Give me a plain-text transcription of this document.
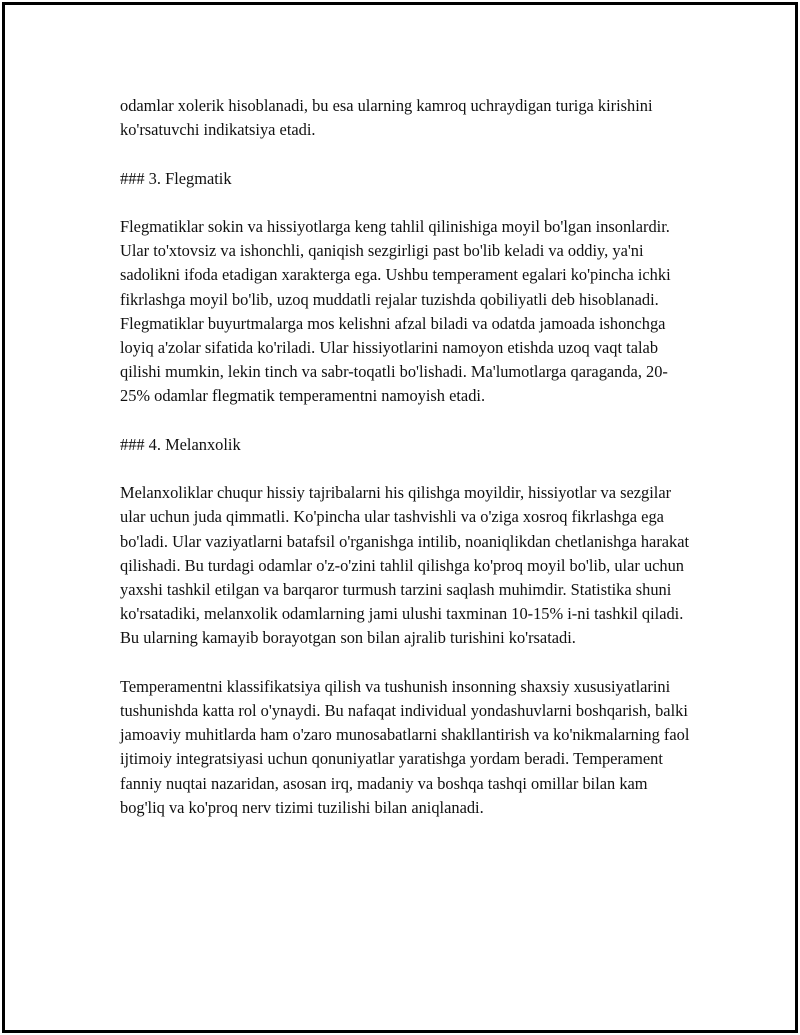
odamlar xolerik hisoblanadi, bu esa ularning kamroq uchraydigan turiga kirishini ko'rsatuvchi indikatsiya etadi.

### 3. Flegmatik

Flegmatiklar sokin va hissiyotlarga keng tahlil qilinishiga moyil bo'lgan insonlardir. Ular to'xtovsiz va ishonchli, qaniqish sezgirligi past bo'lib keladi va oddiy, ya'ni sadolikni ifoda etadigan xarakterga ega. Ushbu temperament egalari ko'pincha ichki fikrlashga moyil bo'lib, uzoq muddatli rejalar tuzishda qobiliyatli deb hisoblanadi. Flegmatiklar buyurtmalarga mos kelishni afzal biladi va odatda jamoada ishonchga loyiq a'zolar sifatida ko'riladi. Ular hissiyotlarini namoyon etishda uzoq vaqt talab qilishi mumkin, lekin tinch va sabr-toqatli bo'lishadi. Ma'lumotlarga qaraganda, 20-25% odamlar flegmatik temperamentni namoyish etadi.

### 4. Melanxolik

Melanxoliklar chuqur hissiy tajribalarni his qilishga moyildir, hissiyotlar va sezgilar ular uchun juda qimmatli. Ko'pincha ular tashvishli va o'ziga xosroq fikrlashga ega bo'ladi. Ular vaziyatlarni batafsil o'rganishga intilib, noaniqlikdan chetlanishga harakat qilishadi. Bu turdagi odamlar o'z-o'zini tahlil qilishga ko'proq moyil bo'lib, ular uchun yaxshi tashkil etilgan va barqaror turmush tarzini saqlash muhimdir. Statistika shuni ko'rsatadiki, melanxolik odamlarning jami ulushi taxminan 10-15% i-ni tashkil qiladi. Bu ularning kamayib borayotgan son bilan ajralib turishini ko'rsatadi.

Temperamentni klassifikatsiya qilish va tushunish insonning shaxsiy xususiyatlarini tushunishda katta rol o'ynaydi. Bu nafaqat individual yondashuvlarni boshqarish, balki jamoaviy muhitlarda ham o'zaro munosabatlarni shakllantirish va ko'nikmalarning faol ijtimoiy integratsiyasi uchun qonuniyatlar yaratishga yordam beradi. Temperament fanniy nuqtai nazaridan, asosan irq, madaniy va boshqa tashqi omillar bilan kam bog'liq va ko'proq nerv tizimi tuzilishi bilan aniqlanadi.
